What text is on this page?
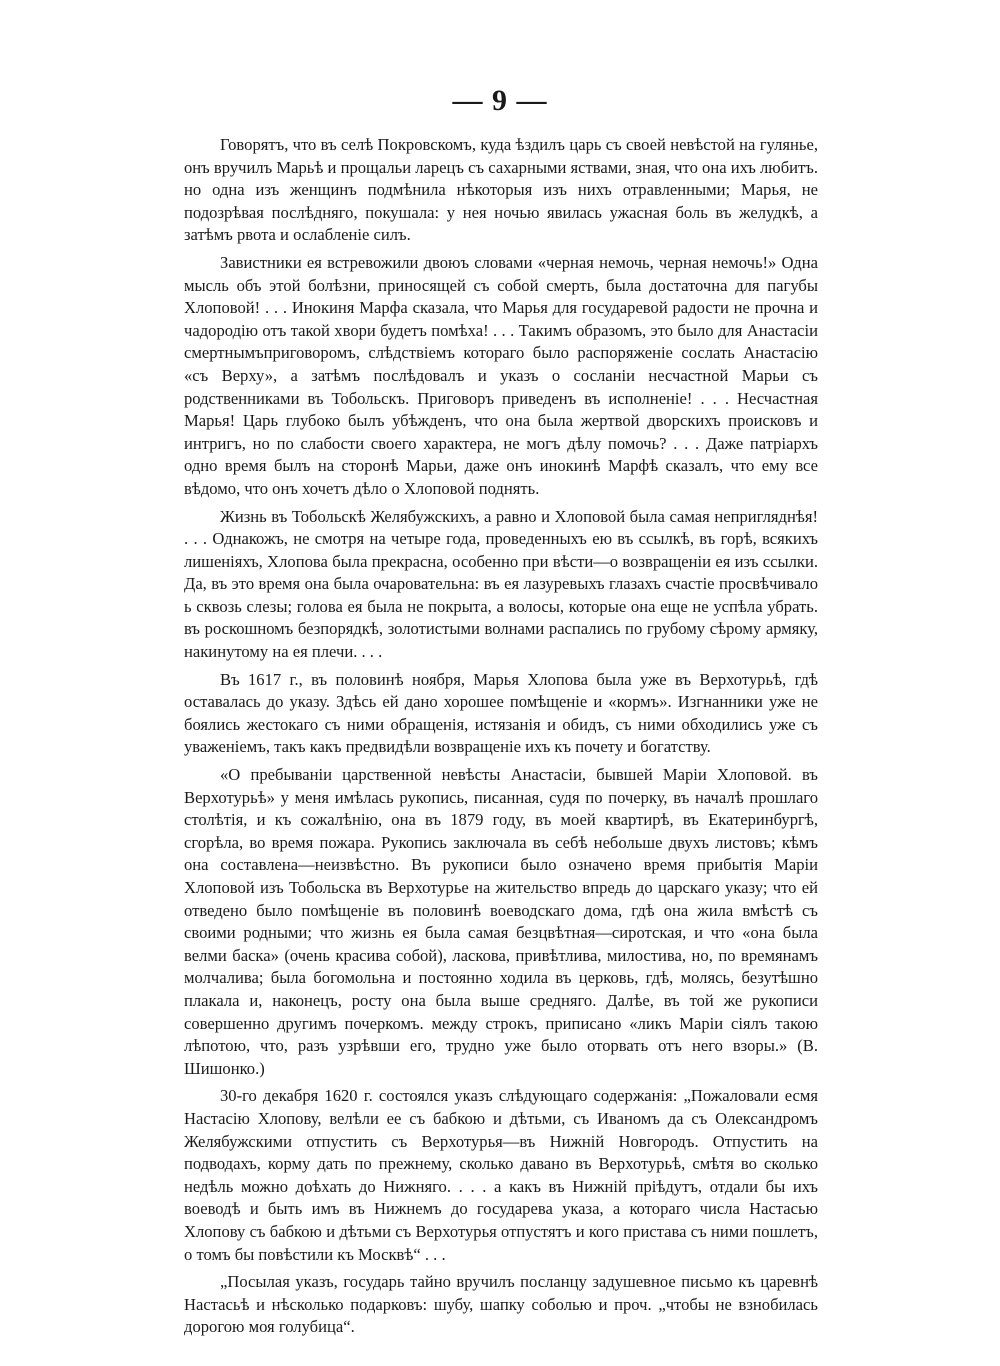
— 9 —

Говорятъ, что въ селѣ Покровскомъ, куда ѣздилъ царь съ своей невѣстой на гулянье, онъ вручилъ Марьѣ и прощальи ларецъ съ сахарными яствами, зная, что она ихъ любитъ. но одна изъ женщинъ подмѣнила нѣкоторыя изъ нихъ отравленными; Марья, не подозрѣвая послѣдняго, покушала: у нея ночью явилась ужасная боль въ желудкѣ, а затѣмъ рвота и ослабленіе силъ.

Завистники ея встревожили двоюъ словами «черная немочь, черная немочь!» Одна мысль объ этой болѣзни, приносящей съ собой смерть, была достаточна для пагубы Хлоповой! . . . Инокиня Марфа сказала, что Марья для государевой радости не прочна и чадородію отъ такой хвори будетъ помѣха! . . . Такимъ образомъ, это было для Анастасіи смертнымъприговоромъ, слѣдствіемъ котораго было распоряженіе сослать Анастасію «съ Верху», а затѣмъ послѣдовалъ и указъ о сосланіи несчастной Марьи съ родственниками въ Тобольскъ. Приговоръ приведенъ въ исполненіе! . . . Несчастная Марья! Царь глубоко былъ убѣжденъ, что она была жертвой дворскихъ происковъ и интригъ, но по слабости своего характера, не могъ дѣлу помочь? . . . Даже патріархъ одно время былъ на сторонѣ Марьи, даже онъ инокинѣ Марфѣ сказалъ, что ему все вѣдомо, что онъ хочетъ дѣло о Хлоповой поднять.

Жизнь въ Тобольскѣ Желябужскихъ, а равно и Хлоповой была самая непригляднѣя! . . . Однакожъ, не смотря на четыре года, проведенныхъ ею въ ссылкѣ, въ горѣ, всякихъ лишеніяхъ, Хлопова была прекрасна, особенно при вѣсти—о возвращеніи ея изъ ссылки. Да, въ это время она была очаровательна: въ ея лазуревыхъ глазахъ счастіе просвѣчивало ь сквозь слезы; голова ея была не покрыта, а волосы, которые она еще не успѣла убрать. въ роскошномъ безпорядкѣ, золотистыми волнами распались по грубому сѣрому армяку, накинутому на ея плечи. . . .

Въ 1617 г., въ половинѣ ноября, Марья Хлопова была уже въ Верхотурьѣ, гдѣ оставалась до указу. Здѣсь ей дано хорошее помѣщеніе и «кормъ». Изгнанники уже не боялись жестокаго съ ними обращенія, истязанія и обидъ, съ ними обходились уже съ уваженіемъ, такъ какъ предвидѣли возвращеніе ихъ къ почету и богатству.

«О пребываніи царственной невѣсты Анастасіи, бывшей Маріи Хлоповой. въ Верхотурьѣ» у меня имѣлась рукопись, писанная, судя по почерку, въ началѣ прошлаго столѣтія, и къ сожалѣнію, она въ 1879 году, въ моей квартирѣ, въ Екатеринбургѣ, сгорѣла, во время пожара. Рукопись заключала въ себѣ небольше двухъ листовъ; кѣмъ она составлена—неизвѣстно. Въ рукописи было означено время прибытія Маріи Хлоповой изъ Тобольска въ Верхотурье на жительство впредь до царскаго указу; что ей отведено было помѣщеніе въ половинѣ воеводскаго дома, гдѣ она жила вмѣстѣ съ своими родными; что жизнь ея была самая безцвѣтная—сиротская, и что «она была велми баска» (очень красива собой), ласкова, привѣтлива, милостива, но, по времянамъ молчалива; была богомольна и постоянно ходила въ церковь, гдѣ, молясь, безутѣшно плакала и, наконецъ, росту она была выше средняго. Далѣе, въ той же рукописи совершенно другимъ почеркомъ. между строкъ, приписано «ликъ Маріи сіялъ такою лѣпотою, что, разъ узрѣвши его, трудно уже было оторвать отъ него взоры.» (В. Шишонко.)

30-го декабря 1620 г. состоялся указъ слѣдующаго содержанія: „Пожаловали есмя Настасію Хлопову, велѣли ее съ бабкою и дѣтьми, съ Иваномъ да съ Олександромъ Желябужскими отпустить съ Верхотурья—въ Нижній Новгородъ. Отпустить на подводахъ, корму дать по прежнему, сколько давано въ Верхотурьѣ, смѣтя во сколько недѣль можно доѣхать до Нижняго. . . . а какъ въ Нижній пріѣдутъ, отдали бы ихъ воеводѣ и быть имъ въ Нижнемъ до государева указа, а котораго числа Настасью Хлопову съ бабкою и дѣтьми съ Верхотурья отпустятъ и кого пристава съ ними пошлетъ, о томъ бы повѣстили къ Москвѣ“ . . .

„Посылая указъ, государь тайно вручилъ посланцу задушевное письмо къ царевнѣ Настасьѣ и нѣсколько подарковъ: шубу, шапку соболью и проч. „чтобы не взнобилась дорогою моя голубица“.
